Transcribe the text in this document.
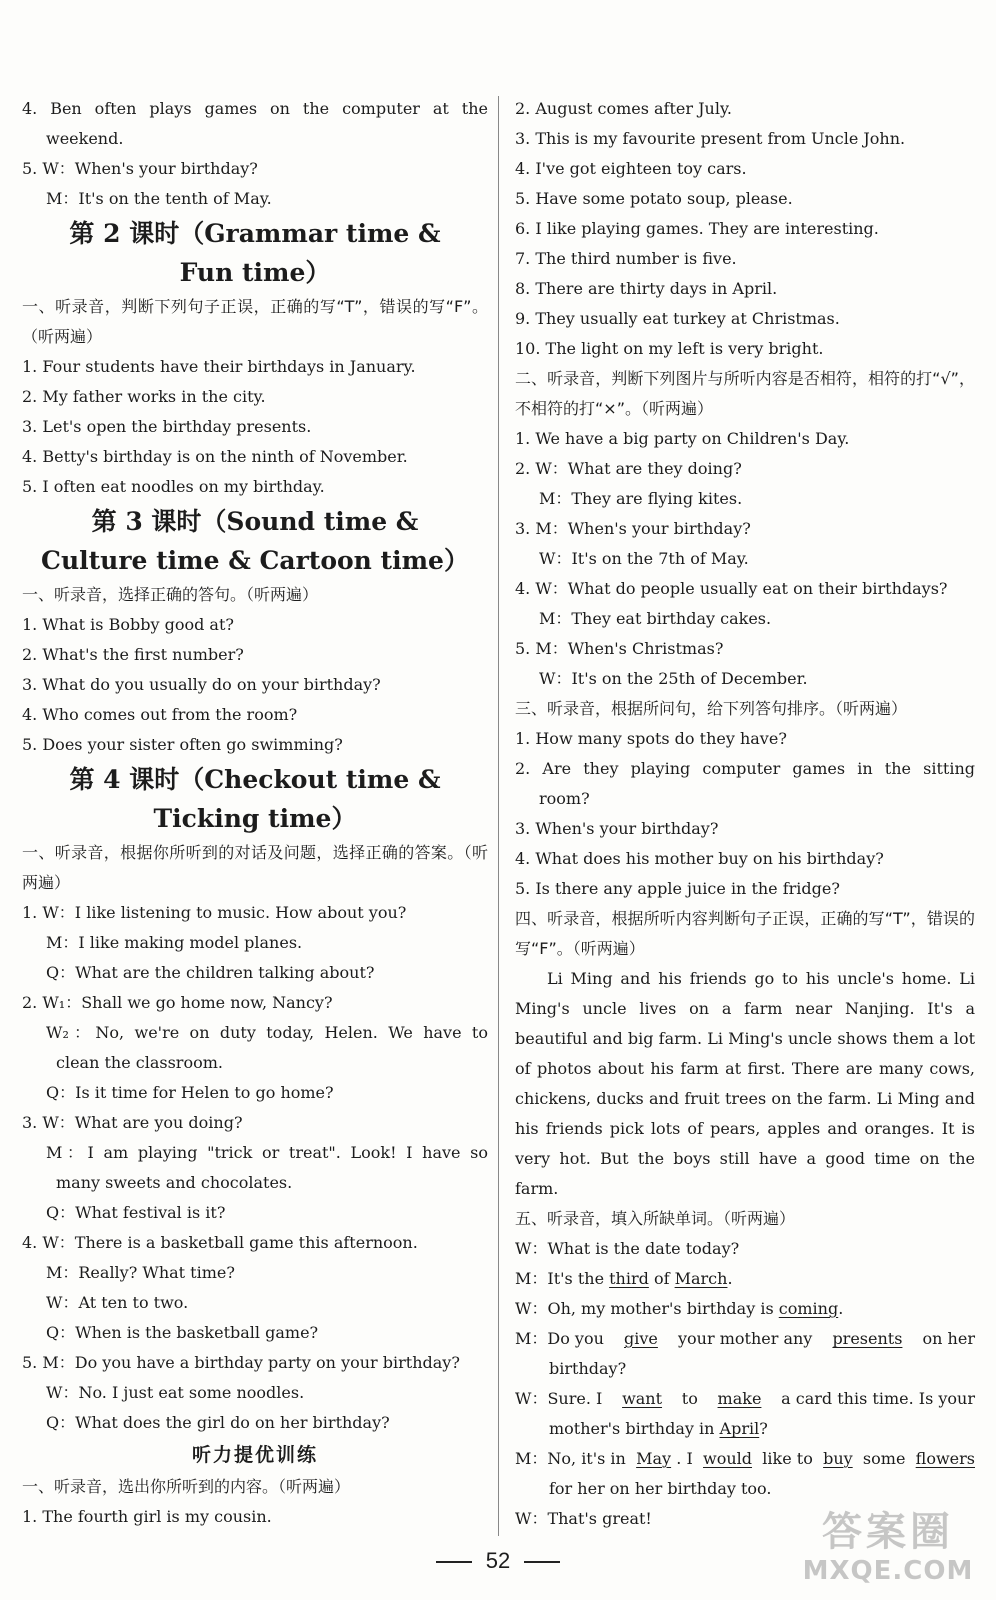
4. Ben often plays games on the computer at the
weekend.
5. W：When's your birthday?
M：It's on the tenth of May.
第 2 课时（Grammar time &
Fun time）
一、听录音，判断下列句子正误，正确的写“T”，错误的写“F”。（听两遍）
1. Four students have their birthdays in January.
2. My father works in the city.
3. Let's open the birthday presents.
4. Betty's birthday is on the ninth of November.
5. I often eat noodles on my birthday.
第 3 课时（Sound time &
Culture time & Cartoon time）
一、听录音，选择正确的答句。（听两遍）
1. What is Bobby good at?
2. What's the first number?
3. What do you usually do on your birthday?
4. Who comes out from the room?
5. Does your sister often go swimming?
第 4 课时（Checkout time &
Ticking time）
一、听录音，根据你所听到的对话及问题，选择正确的答案。（听两遍）
1. W：I like listening to music. How about you?
M：I like making model planes.
Q：What are the children talking about?
2. W₁：Shall we go home now, Nancy?
W₂：No, we're on duty today, Helen. We have to
clean the classroom.
Q：Is it time for Helen to go home?
3. W：What are you doing?
M：I am playing "trick or treat". Look! I have so
many sweets and chocolates.
Q：What festival is it?
4. W：There is a basketball game this afternoon.
M：Really? What time?
W：At ten to two.
Q：When is the basketball game?
5. M：Do you have a birthday party on your birthday?
W：No. I just eat some noodles.
Q：What does the girl do on her birthday?
听力提优训练
一、听录音，选出你所听到的内容。（听两遍）
1. The fourth girl is my cousin.
2. August comes after July.
3. This is my favourite present from Uncle John.
4. I've got eighteen toy cars.
5. Have some potato soup, please.
6. I like playing games. They are interesting.
7. The third number is five.
8. There are thirty days in April.
9. They usually eat turkey at Christmas.
10. The light on my left is very bright.
二、听录音，判断下列图片与所听内容是否相符，相符的打“√”，不相符的打“×”。（听两遍）
1. We have a big party on Children's Day.
2. W：What are they doing?
M：They are flying kites.
3. M：When's your birthday?
W：It's on the 7th of May.
4. W：What do people usually eat on their birthdays?
M：They eat birthday cakes.
5. M：When's Christmas?
W：It's on the 25th of December.
三、听录音，根据所问句，给下列答句排序。（听两遍）
1. How many spots do they have?
2. Are they playing computer games in the sitting
room?
3. When's your birthday?
4. What does his mother buy on his birthday?
5. Is there any apple juice in the fridge?
四、听录音，根据所听内容判断句子正误，正确的写“T”，错误的写“F”。（听两遍）
Li Ming and his friends go to his uncle's home. Li Ming's uncle lives on a farm near Nanjing. It's a beautiful and big farm. Li Ming's uncle shows them a lot of photos about his farm at first. There are many cows, chickens, ducks and fruit trees on the farm. Li Ming and his friends pick lots of pears, apples and oranges. It is very hot. But the boys still have a good time on the farm.
五、听录音，填入所缺单词。（听两遍）
W：What is the date today?
M：It's the third of March.
W：Oh, my mother's birthday is coming.
M：Do you give your mother any presents on her
birthday?
W：Sure. I want to make a card this time. Is your
mother's birthday in April?
M：No, it's in May . I would like to buy some flowers
for her on her birthday too.
W：That's great!
52
答案圈
MXQE.COM
